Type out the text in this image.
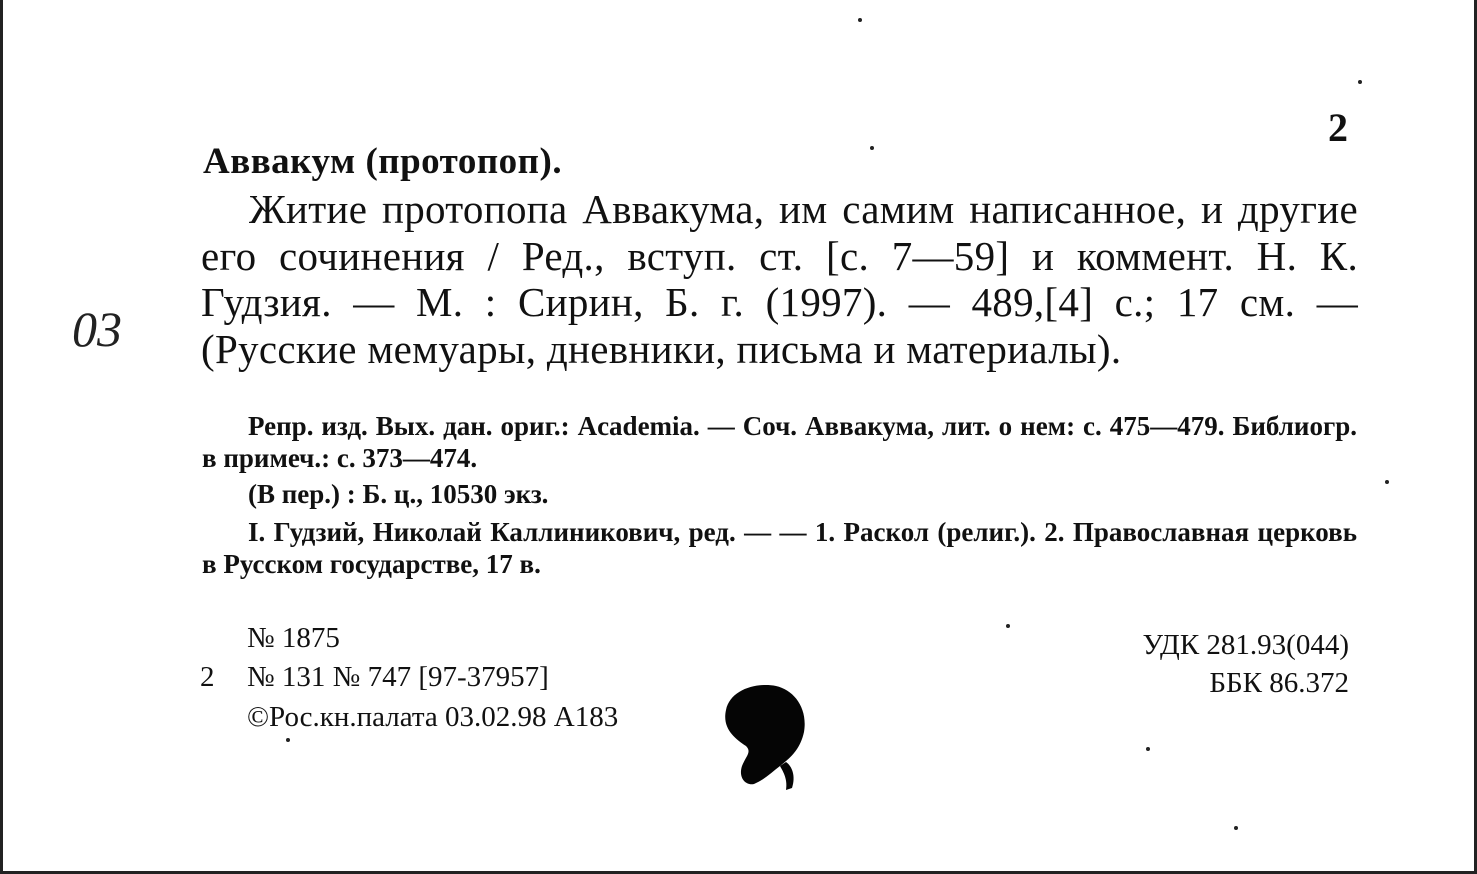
2
Аввакум (протопоп).
Житие протопопа Аввакума, им самим написанное, и другие его сочинения / Ред., вступ. ст. [с. 7—59] и коммент. Н. К. Гудзия. — М. : Сирин, Б. г. (1997). — 489,[4] с.; 17 см. — (Русские мемуары, дневники, письма и материалы).
Репр. изд. Вых. дан. ориг.: Academia. — Соч. Аввакума, лит. о нем: с. 475—479. Библиогр. в примеч.: с. 373—474.
(В пер.) : Б. ц., 10530 экз.
I. Гудзий, Николай Каллиникович, ред. — — 1. Раскол (религ.). 2. Православная церковь в Русском государстве, 17 в.
№ 1875
2 № 131 № 747 [97-37957]
©Рос.кн.палата 03.02.98 А183
УДК 281.93(044)
ББК 86.372
03
